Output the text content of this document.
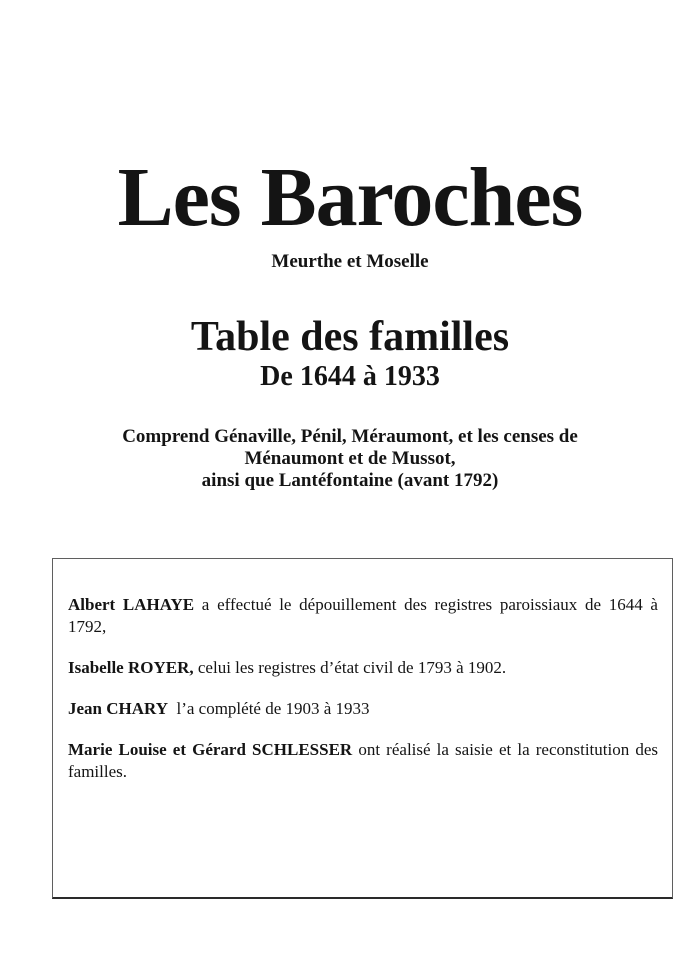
Les Baroches
Meurthe et Moselle
Table des familles
De 1644 à 1933
Comprend Génaville, Pénil, Méraumont, et les censes de
Ménaumont et de Mussot,
ainsi que Lantéfontaine (avant 1792)

Albert LAHAYE a effectué le dépouillement des registres paroissiaux de 1644 à 1792,

Isabelle ROYER, celui les registres d’état civil de 1793 à 1902.

Jean CHARY  l’a complété de 1903 à 1933

Marie Louise et Gérard SCHLESSER ont réalisé la saisie et la reconstitution des familles.
